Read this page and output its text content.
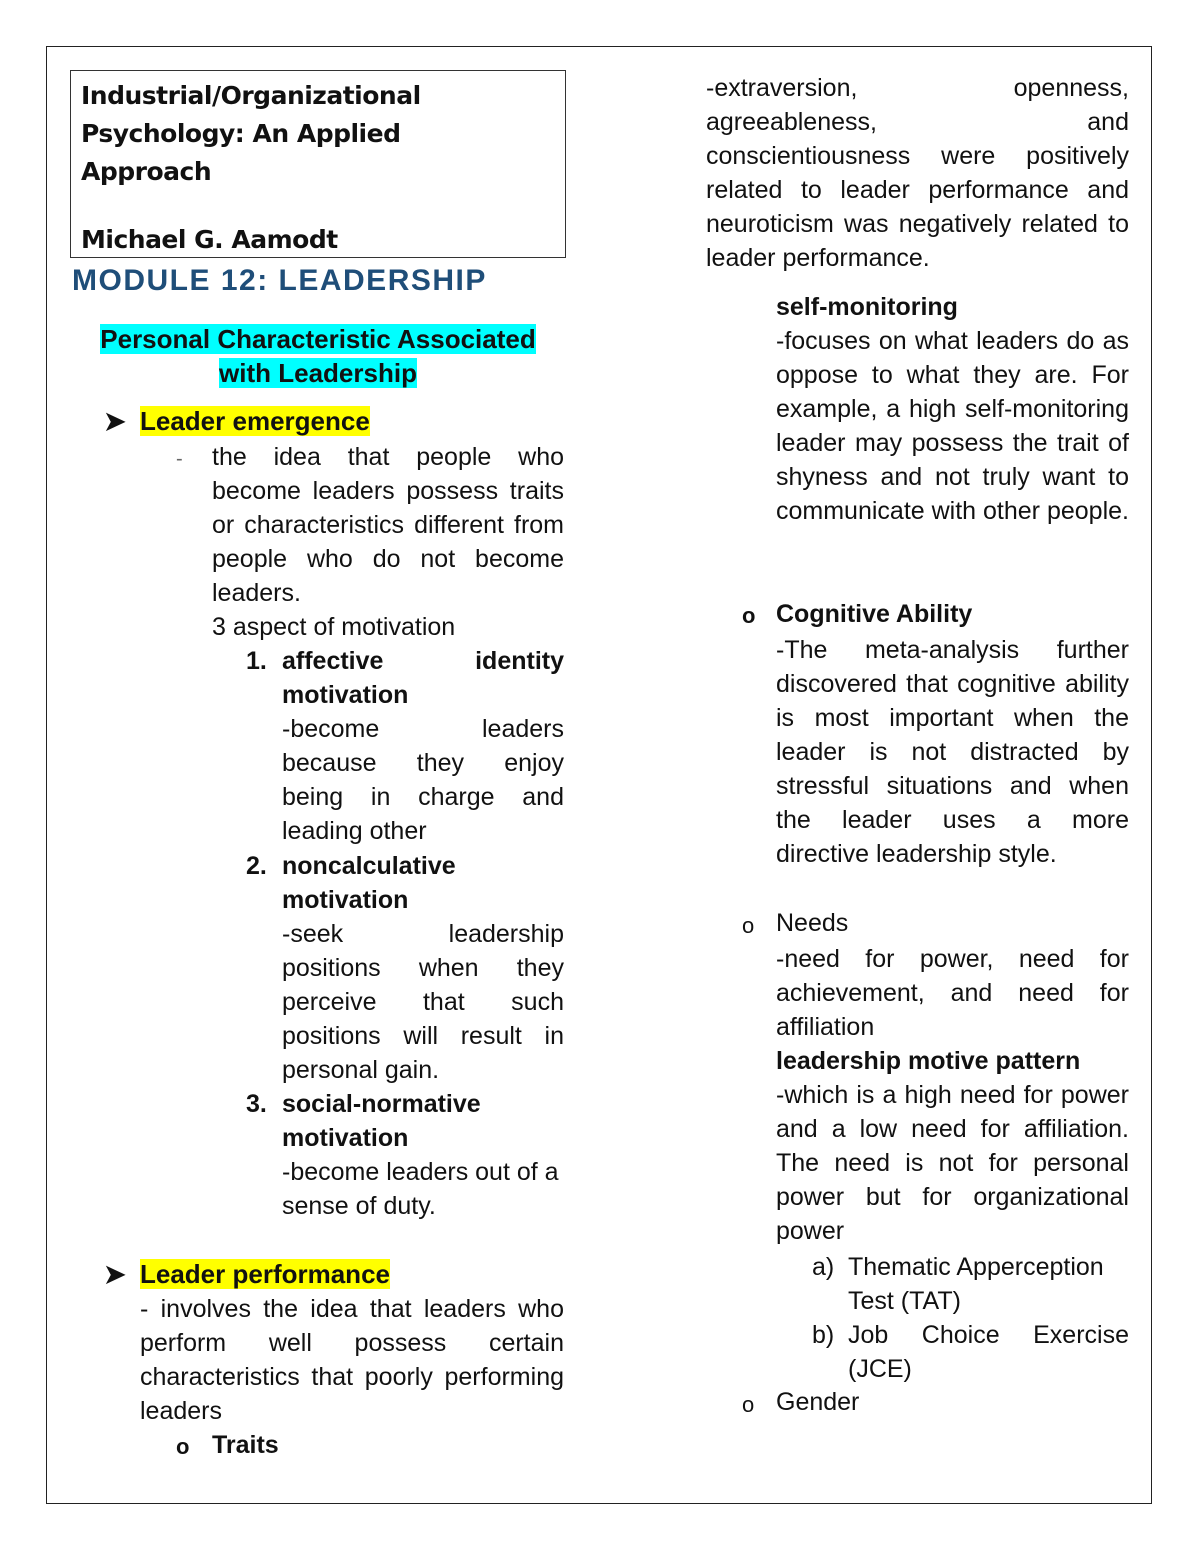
Industrial/Organizational
Psychology: An Applied
Approach
Michael G. Aamodt
MODULE 12: LEADERSHIP
Personal Characteristic Associated
with Leadership
➤ Leader emergence
- the idea that people who become leaders possess traits or characteristics different from people who do not become leaders.
3 aspect of motivation
1. affective identity motivation
-become leaders because they enjoy being in charge and leading other
2. noncalculative motivation
-seek leadership positions when they perceive that such positions will result in personal gain.
3. social-normative motivation
-become leaders out of a sense of duty.
➤ Leader performance
- involves the idea that leaders who perform well possess certain characteristics that poorly performing leaders
o Traits
-extraversion, openness, agreeableness, and conscientiousness were positively related to leader performance and neuroticism was negatively related to leader performance.
self-monitoring
-focuses on what leaders do as oppose to what they are. For example, a high self-monitoring leader may possess the trait of shyness and not truly want to communicate with other people.
o Cognitive Ability
-The meta-analysis further discovered that cognitive ability is most important when the leader is not distracted by stressful situations and when the leader uses a more directive leadership style.
o Needs
-need for power, need for achievement, and need for affiliation
leadership motive pattern
-which is a high need for power and a low need for affiliation. The need is not for personal power but for organizational power
a) Thematic Apperception Test (TAT)
b) Job Choice Exercise (JCE)
o Gender
